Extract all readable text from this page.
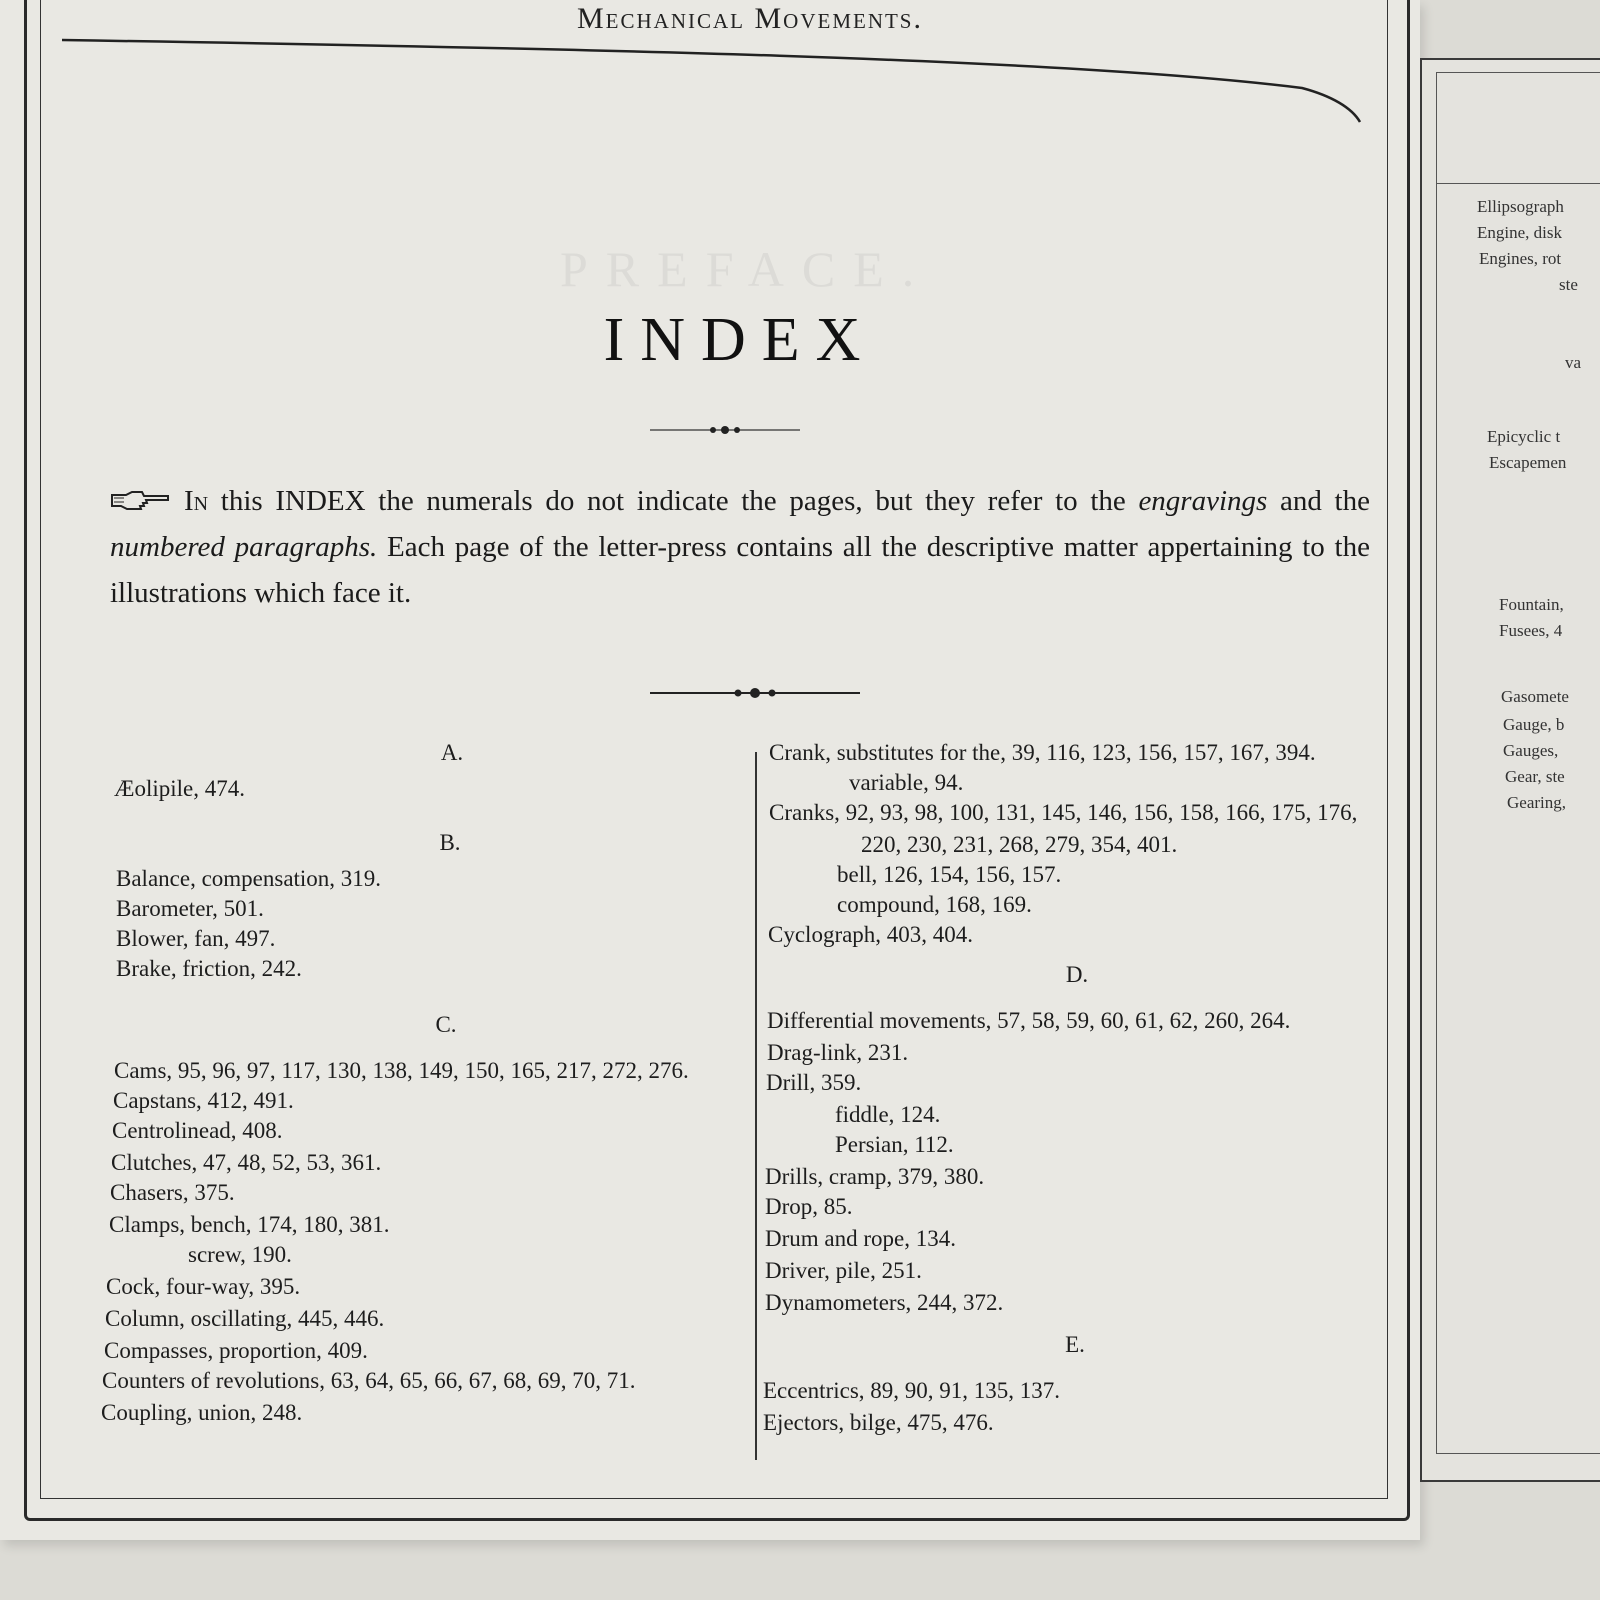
Mechanical Movements.
PREFACE.
INDEX
In this INDEX the numerals do not indicate the pages, but they refer to the engravings and the numbered paragraphs. Each page of the letter-press contains all the descriptive matter appertaining to the illustrations which face it.
A.
Æolipile, 474.
B.
Balance, compensation, 319.
Barometer, 501.
Blower, fan, 497.
Brake, friction, 242.
C.
Cams, 95, 96, 97, 117, 130, 138, 149, 150, 165, 217, 272, 276.
Capstans, 412, 491.
Centrolinead, 408.
Clutches, 47, 48, 52, 53, 361.
Chasers, 375.
Clamps, bench, 174, 180, 381.
screw, 190.
Cock, four-way, 395.
Column, oscillating, 445, 446.
Compasses, proportion, 409.
Counters of revolutions, 63, 64, 65, 66, 67, 68, 69, 70, 71.
Coupling, union, 248.
Crank, substitutes for the, 39, 116, 123, 156, 157, 167, 394.
variable, 94.
Cranks, 92, 93, 98, 100, 131, 145, 146, 156, 158, 166, 175, 176,
220, 230, 231, 268, 279, 354, 401.
bell, 126, 154, 156, 157.
compound, 168, 169.
Cyclograph, 403, 404.
D.
Differential movements, 57, 58, 59, 60, 61, 62, 260, 264.
Drag-link, 231.
Drill, 359.
fiddle, 124.
Persian, 112.
Drills, cramp, 379, 380.
Drop, 85.
Drum and rope, 134.
Driver, pile, 251.
Dynamometers, 244, 372.
E.
Eccentrics, 89, 90, 91, 135, 137.
Ejectors, bilge, 475, 476.
Ellipsograph
Engine, disk
Engines, rot
ste
va
Epicyclic t
Escapemen
Fountain,
Fusees, 4
Gasomete
Gauge, b
Gauges,
Gear, ste
Gearing,
